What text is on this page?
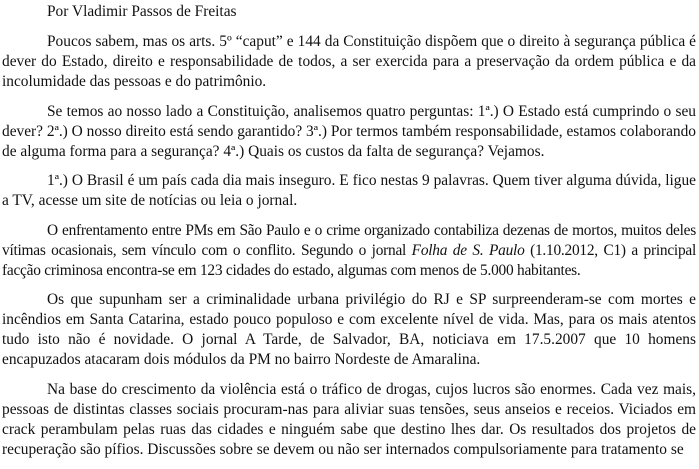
Por Vladimir Passos de Freitas

Poucos sabem, mas os arts. 5º “caput” e 144 da Constituição dispõem que o direito à segurança pública é dever do Estado, direito e responsabilidade de todos, a ser exercida para a preservação da ordem pública e da incolumidade das pessoas e do patrimônio.

Se temos ao nosso lado a Constituição, analisemos quatro perguntas: 1ª.) O Estado está cumprindo o seu dever? 2ª.) O nosso direito está sendo garantido? 3ª.) Por termos também responsabilidade, estamos colaborando de alguma forma para a segurança? 4ª.) Quais os custos da falta de segurança? Vejamos.

1ª.) O Brasil é um país cada dia mais inseguro. E fico nestas 9 palavras. Quem tiver alguma dúvida, ligue a TV, acesse um site de notícias ou leia o jornal.

O enfrentamento entre PMs em São Paulo e o crime organizado contabiliza dezenas de mortos, muitos deles vítimas ocasionais, sem vínculo com o conflito. Segundo o jornal Folha de S. Paulo (1.10.2012, C1) a principal facção criminosa encontra-se em 123 cidades do estado, algumas com menos de 5.000 habitantes.

Os que supunham ser a criminalidade urbana privilégio do RJ e SP surpreenderam-se com mortes e incêndios em Santa Catarina, estado pouco populoso e com excelente nível de vida. Mas, para os mais atentos tudo isto não é novidade. O jornal A Tarde, de Salvador, BA, noticiava em 17.5.2007 que 10 homens encapuzados atacaram dois módulos da PM no bairro Nordeste de Amaralina.

Na base do crescimento da violência está o tráfico de drogas, cujos lucros são enormes. Cada vez mais, pessoas de distintas classes sociais procuram-nas para aliviar suas tensões, seus anseios e receios. Viciados em crack perambulam pelas ruas das cidades e ninguém sabe que destino lhes dar. Os resultados dos projetos de recuperação são pífios. Discussões sobre se devem ou não ser internados compulsoriamente para tratamento se
